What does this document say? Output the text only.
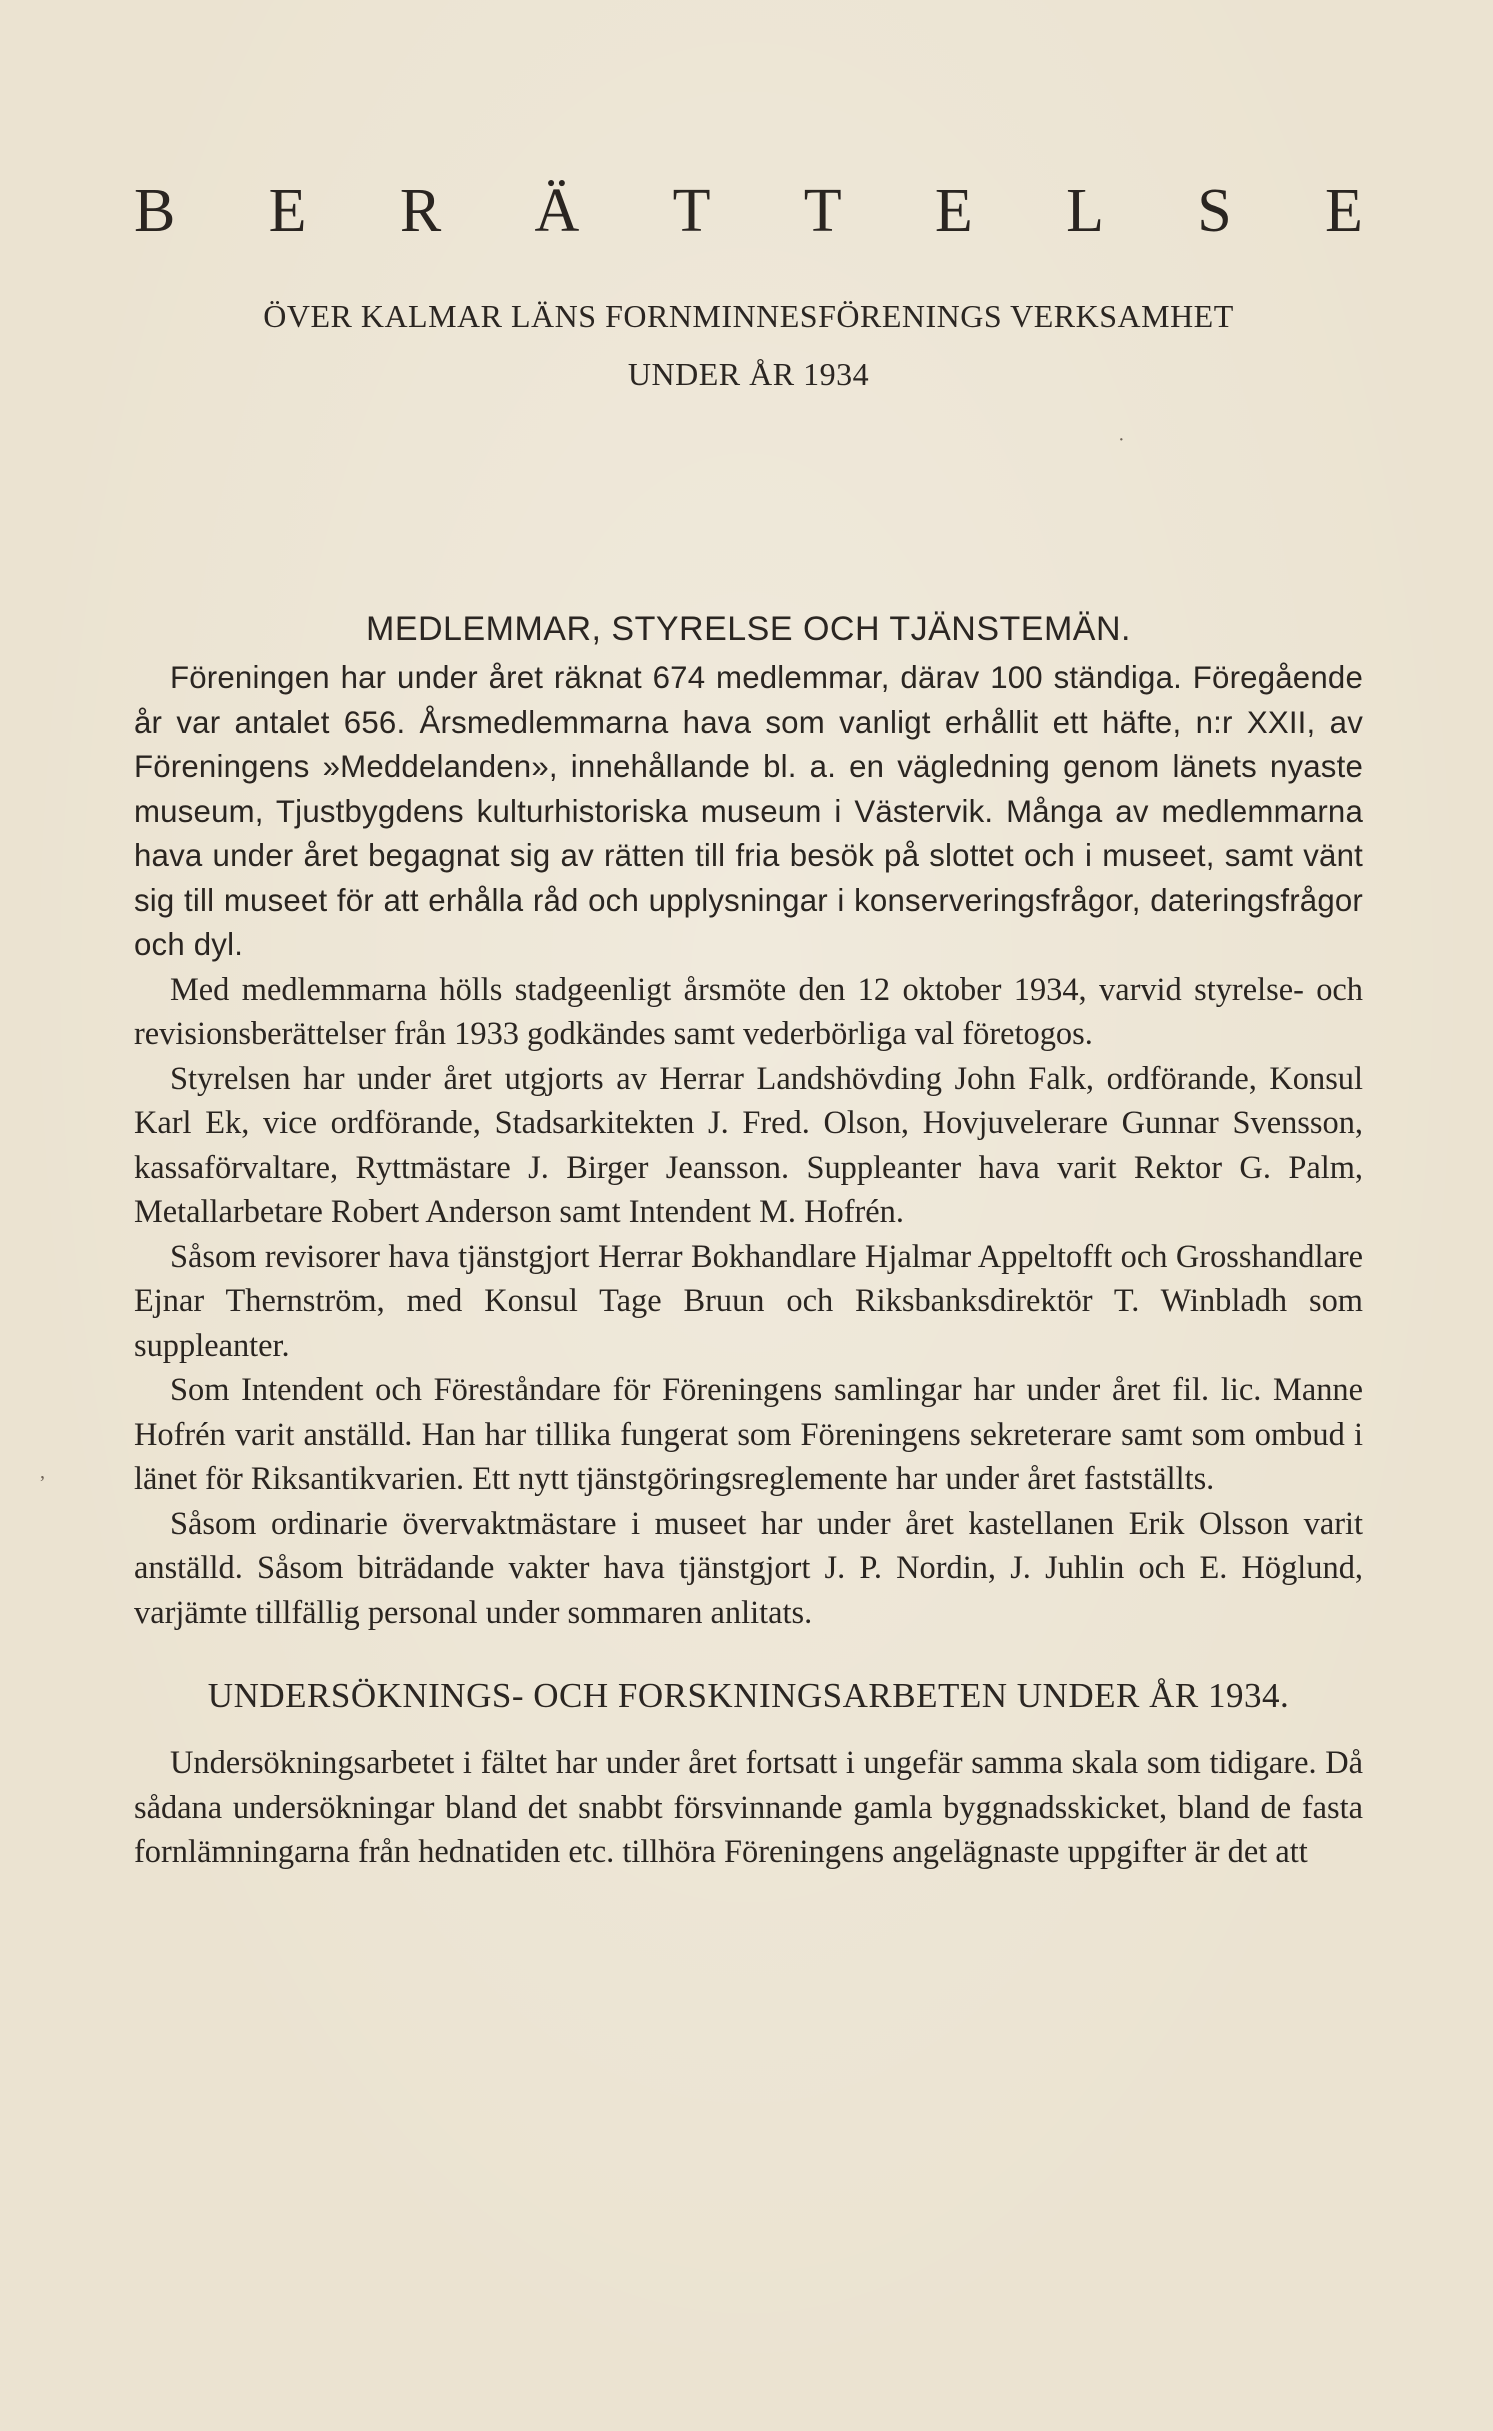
B E R Ä T T E L S E

ÖVER KALMAR LÄNS FORNMINNESFÖRENINGS VERKSAMHET

UNDER ÅR 1934

MEDLEMMAR, STYRELSE OCH TJÄNSTEMÄN.

Föreningen har under året räknat 674 medlemmar, därav 100 ständiga. Föregående år var antalet 656. Årsmedlemmarna hava som vanligt erhållit ett häfte, n:r XXII, av Föreningens »Meddelanden», innehållande bl. a. en vägledning genom länets nyaste museum, Tjustbygdens kulturhistoriska museum i Västervik. Många av medlemmarna hava under året begagnat sig av rätten till fria besök på slottet och i museet, samt vänt sig till museet för att erhålla råd och upplysningar i konserveringsfrågor, dateringsfrågor och dyl.

Med medlemmarna hölls stadgeenligt årsmöte den 12 oktober 1934, varvid styrelse- och revisionsberättelser från 1933 godkändes samt vederbörliga val företogos.

Styrelsen har under året utgjorts av Herrar Landshövding John Falk, ordförande, Konsul Karl Ek, vice ordförande, Stadsarkitekten J. Fred. Olson, Hovjuvelerare Gunnar Svensson, kassaförvaltare, Ryttmästare J. Birger Jeansson. Suppleanter hava varit Rektor G. Palm, Metallarbetare Robert Anderson samt Intendent M. Hofrén.

Såsom revisorer hava tjänstgjort Herrar Bokhandlare Hjalmar Appeltofft och Grosshandlare Ejnar Thernström, med Konsul Tage Bruun och Riksbanksdirektör T. Winbladh som suppleanter.

Som Intendent och Föreståndare för Föreningens samlingar har under året fil. lic. Manne Hofrén varit anställd. Han har tillika fungerat som Föreningens sekreterare samt som ombud i länet för Riksantikvarien. Ett nytt tjänstgöringsreglemente har under året fastställts.

Såsom ordinarie övervaktmästare i museet har under året kastellanen Erik Olsson varit anställd. Såsom biträdande vakter hava tjänstgjort J. P. Nordin, J. Juhlin och E. Höglund, varjämte tillfällig personal under sommaren anlitats.

UNDERSÖKNINGS- OCH FORSKNINGSARBETEN UNDER ÅR 1934.

Undersökningsarbetet i fältet har under året fortsatt i ungefär samma skala som tidigare. Då sådana undersökningar bland det snabbt försvinnande gamla byggnadsskicket, bland de fasta fornlämningarna från hednatiden etc. tillhöra Föreningens angelägnaste uppgifter är det att

,
·
